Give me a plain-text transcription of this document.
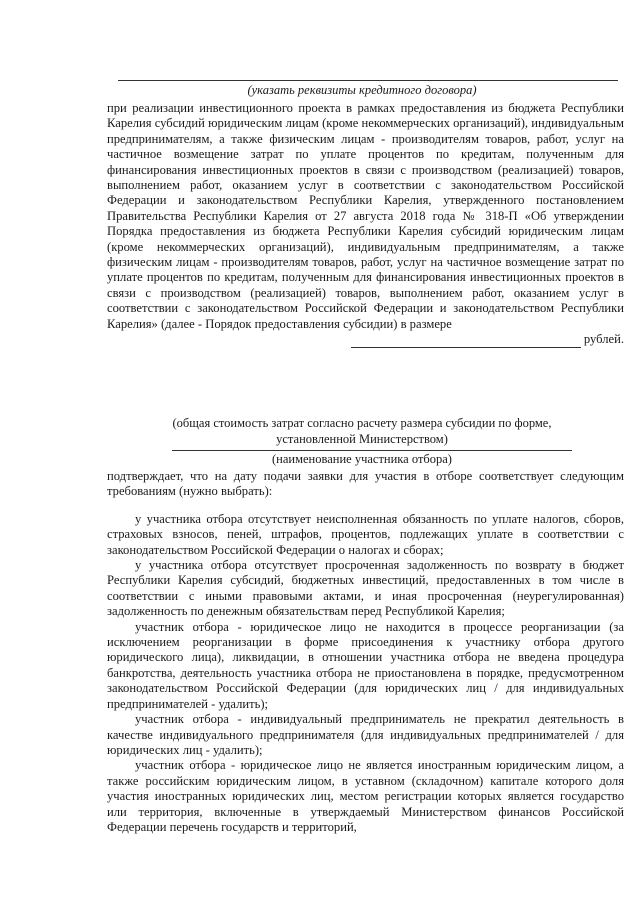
(указать реквизиты кредитного договора)

при реализации инвестиционного проекта в рамках предоставления из бюджета Республики Карелия субсидий юридическим лицам (кроме некоммерческих организаций), индивидуальным предпринимателям, а также физическим лицам - производителям товаров, работ, услуг на частичное возмещение затрат по уплате процентов по кредитам, полученным для финансирования инвестиционных проектов в связи с производством (реализацией) товаров, выполнением работ, оказанием услуг в соответствии с законодательством Российской Федерации и законодательством Республики Карелия, утвержденного постановлением Правительства Республики Карелия от 27 августа 2018 года № 318-П «Об утверждении Порядка предоставления из бюджета Республики Карелия субсидий юридическим лицам (кроме некоммерческих организаций), индивидуальным предпринимателям, а также физическим лицам - производителям товаров, работ, услуг на частичное возмещение затрат по уплате процентов по кредитам, полученным для финансирования инвестиционных проектов в связи с производством (реализацией) товаров, выполнением работ, оказанием услуг в соответствии с законодательством Российской Федерации и законодательством Республики Карелия» (далее - Порядок предоставления субсидии) в размере

рублей.

(общая стоимость затрат согласно расчету размера субсидии по форме,
установленной Министерством)
(наименование участника отбора)

подтверждает, что на дату подачи заявки для участия в отборе соответствует следующим требованиям (нужно выбрать):

у участника отбора отсутствует неисполненная обязанность по уплате налогов, сборов, страховых взносов, пеней, штрафов, процентов, подлежащих уплате в соответствии с законодательством Российской Федерации о налогах и сборах;

у участника отбора отсутствует просроченная задолженность по возврату в бюджет Республики Карелия субсидий, бюджетных инвестиций, предоставленных в том числе в соответствии с иными правовыми актами, и иная просроченная (неурегулированная) задолженность по денежным обязательствам перед Республикой Карелия;

участник отбора - юридическое лицо не находится в процессе реорганизации (за исключением реорганизации в форме присоединения к участнику отбора другого юридического лица), ликвидации, в отношении участника отбора не введена процедура банкротства, деятельность участника отбора не приостановлена в порядке, предусмотренном законодательством Российской Федерации (для юридических лиц / для индивидуальных предпринимателей - удалить);

участник отбора - индивидуальный предприниматель не прекратил деятельность в качестве индивидуального предпринимателя (для индивидуальных предпринимателей / для юридических лиц - удалить);

участник отбора - юридическое лицо не является иностранным юридическим лицом, а также российским юридическим лицом, в уставном (складочном) капитале которого доля участия иностранных юридических лиц, местом регистрации которых является государство или территория, включенные в утверждаемый Министерством финансов Российской Федерации перечень государств и территорий,
